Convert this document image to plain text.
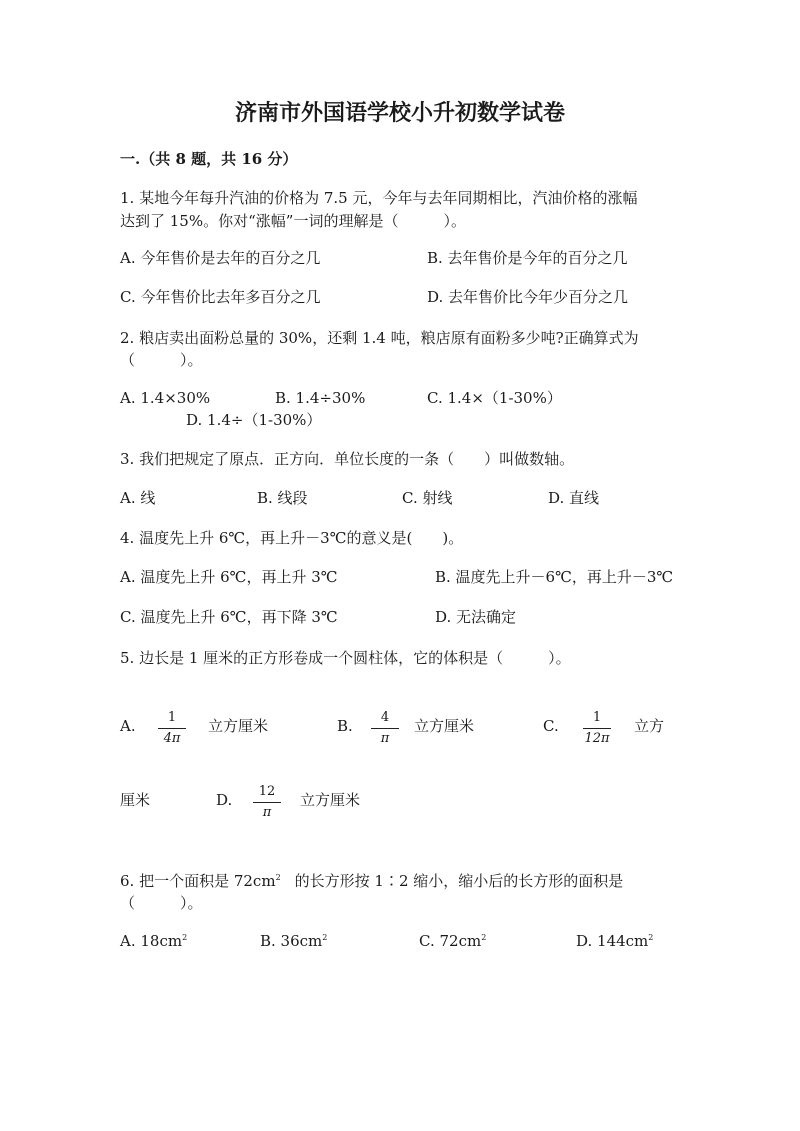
济南市外国语学校小升初数学试卷
一.（共 8 题，共 16 分）
1. 某地今年每升汽油的价格为 7.5 元，今年与去年同期相比，汽油价格的涨幅
达到了 15%。你对“涨幅”一词的理解是（　　　）。
A. 今年售价是去年的百分之几	B. 去年售价是今年的百分之几
C. 今年售价比去年多百分之几	D. 去年售价比今年少百分之几
2. 粮店卖出面粉总量的 30%，还剩 1.4 吨，粮店原有面粉多少吨?正确算式为
（　　　）。
A. 1.4×30%	B. 1.4÷30%	C. 1.4×（1-30%）
D. 1.4÷（1-30%）
3. 我们把规定了原点．正方向．单位长度的一条（　　）叫做数轴。
A. 线	B. 线段	C. 射线	D. 直线
4. 温度先上升 6℃，再上升－3℃的意义是(　　)。
A. 温度先上升 6℃，再上升 3℃	B. 温度先上升－6℃，再上升－3℃
C. 温度先上升 6℃，再下降 3℃	D. 无法确定
5. 边长是 1 厘米的正方形卷成一个圆柱体，它的体积是（　　　）。
A.	1
4π
立方厘米	B.	4
π
立方厘米	C.	1
12π
立方
厘米	D.	12
π
立方厘米
6. 把一个面积是 $72cm^2$ 的长方形按 1∶2 缩小，缩小后的长方形的面积是
（　　　）。
A. $18cm^2$	B. $36cm^2$	C. $72cm^2$	D. $144cm^2$
